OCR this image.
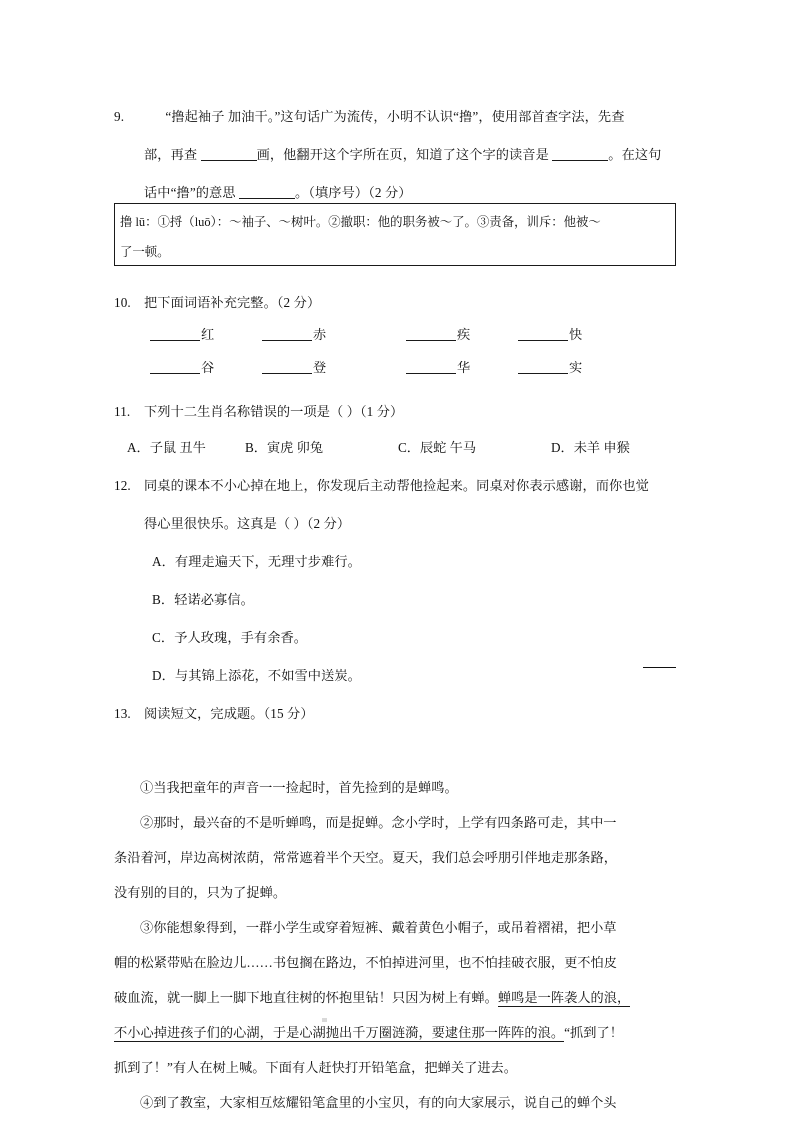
9.	“撸起袖子 加油干。”这句话广为流传，小明不认识“撸”，使用部首查字法，先查
部，再查	画，他翻开这个字所在页，知道了这个字的读音是	。在这句
话中“撸”的意思	。（填序号）（2 分）
10. 把下面词语补充完整。（2 分）
红	赤	疾	快
谷	登	华	实
11. 下列十二生肖名称错误的一项是（ ）（1 分）
A．子鼠 丑牛	B．寅虎 卯兔	C．辰蛇 午马	D．未羊 申猴
12. 同桌的课本不小心掉在地上，你发现后主动帮他捡起来。同桌对你表示感谢，而你也觉
得心里很快乐。这真是（ ）（2 分）
A．有理走遍天下，无理寸步难行。
B．轻诺必寡信。
C．予人玫瑰，手有余香。
D．与其锦上添花，不如雪中送炭。
13. 阅读短文，完成题。（15 分）
①当我把童年的声音一一捡起时，首先捡到的是蝉鸣。
②那时，最兴奋的不是听蝉鸣，而是捉蝉。念小学时，上学有四条路可走，其中一
条沿着河，岸边高树浓荫，常常遮着半个天空。夏天，我们总会呼朋引伴地走那条路，
没有别的目的，只为了捉蝉。
③你能想象得到，一群小学生或穿着短裤、戴着黄色小帽子，或吊着褶裙，把小草
帽的松紧带贴在脸边儿……书包搁在路边，不怕掉进河里，也不怕挂破衣服，更不怕皮
破血流，就一脚上一脚下地直往树的怀抱里钻！只因为树上有蝉。蝉鸣是一阵袭人的浪，
不小心掉进孩子们的心湖，于是心湖抛出千万圈涟漪，要逮住那一阵阵的浪。“抓到了！
抓到了！”有人在树上喊。下面有人赶快打开铅笔盒，把蝉关了进去。
④到了教室，大家相互炫耀铅笔盒里的小宝贝，有的向大家展示，说自己的蝉个头
撸 lū：①捋（luō）：～袖子、～树叶。②撤职：他的职务被～了。③责备，训斥：他被～
了一顿。
